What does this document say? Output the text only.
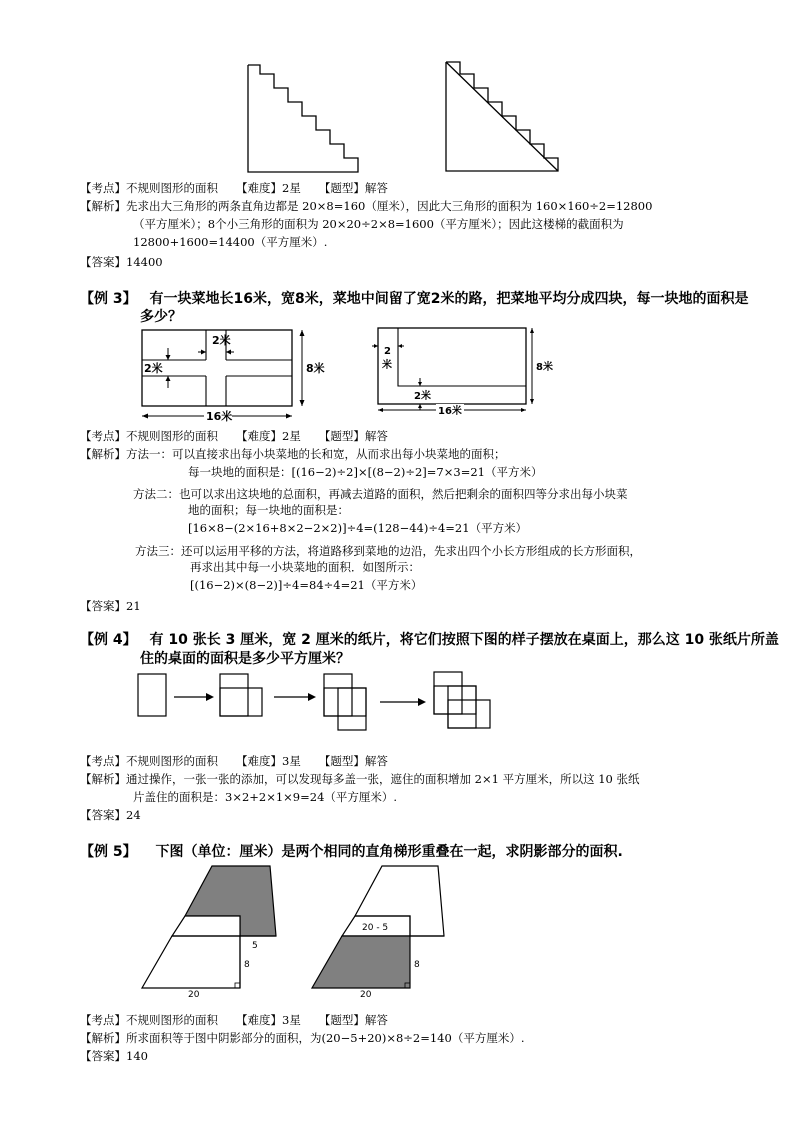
【考点】不规则图形的面积 【难度】2星 【题型】解答
【解析】先求出大三角形的两条直角边都是 20×8=160（厘米），因此大三角形的面积为 160×160÷2=12800
（平方厘米）；8个小三角形的面积为 20×20÷2×8=1600（平方厘米）；因此这楼梯的截面积为
12800+1600=14400（平方厘米）.
【答案】14400
【例 3】 有一块菜地长16米，宽8米，菜地中间留了宽2米的路，把菜地平均分成四块，每一块地的面积是
多少？
2米
2米	8米
16米
2
米
2米
8米
16米
【考点】不规则图形的面积 【难度】2星 【题型】解答
【解析】方法一：可以直接求出每小块菜地的长和宽，从而求出每小块菜地的面积；
每一块地的面积是：[(16−2)÷2]×[(8−2)÷2]=7×3=21（平方米）
方法二：也可以求出这块地的总面积，再减去道路的面积，然后把剩余的面积四等分求出每小块菜
地的面积；每一块地的面积是：
[16×8−(2×16+8×2−2×2)]÷4=(128−44)÷4=21（平方米）
方法三：还可以运用平移的方法，将道路移到菜地的边沿，先求出四个小长方形组成的长方形面积，
再求出其中每一小块菜地的面积．如图所示：
[(16−2)×(8−2)]÷4=84÷4=21（平方米）
【答案】21
【例 4】 有 10 张长 3 厘米，宽 2 厘米的纸片，将它们按照下图的样子摆放在桌面上，那么这 10 张纸片所盖
住的桌面的面积是多少平方厘米？
【考点】不规则图形的面积 【难度】3星 【题型】解答
【解析】通过操作，一张一张的添加，可以发现每多盖一张，遮住的面积增加 2×1 平方厘米，所以这 10 张纸
片盖住的面积是：3×2+2×1×9=24（平方厘米）.
【答案】24
【例 5】 下图（单位：厘米）是两个相同的直角梯形重叠在一起，求阴影部分的面积.
5
8
20
20 - 5
8
20
【考点】不规则图形的面积 【难度】3星 【题型】解答
【解析】所求面积等于图中阴影部分的面积，为(20−5+20)×8÷2=140（平方厘米）.
【答案】140
